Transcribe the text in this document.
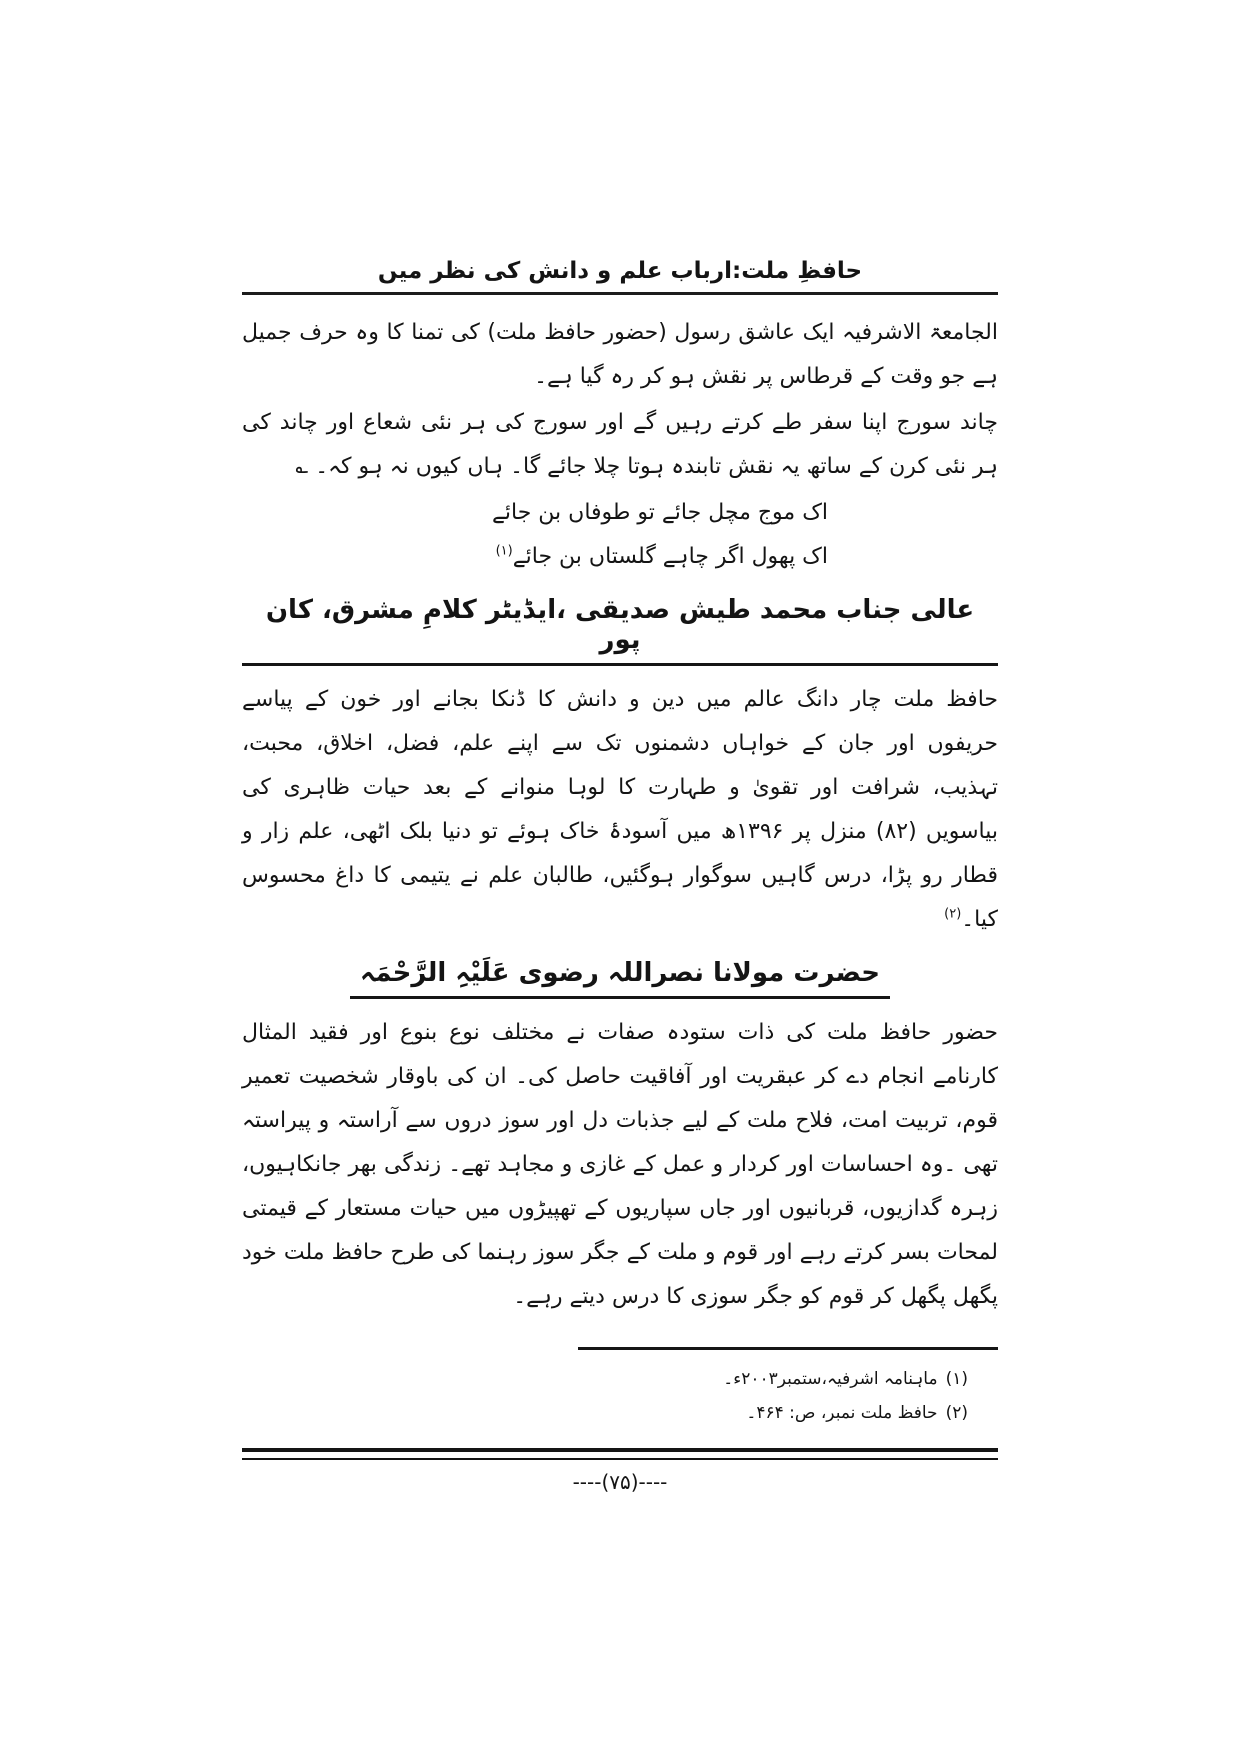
حافظِ ملت:ارباب علم و دانش کی نظر میں

الجامعۃ الاشرفیہ ایک عاشق رسول (حضور حافظ ملت) کی تمنا کا وہ حرف جمیل ہے جو وقت کے قرطاس پر نقش ہو کر رہ گیا ہے۔

چاند سورج اپنا سفر طے کرتے رہیں گے اور سورج کی ہر نئی شعاع اور چاند کی ہر نئی کرن کے ساتھ یہ نقش تابندہ ہوتا چلا جائے گا۔ ہاں کیوں نہ ہو کہ۔ ؎

اک موج مچل جائے تو طوفاں بن جائے
اک پھول اگر چاہے گلستاں بن جائے$^{(۱)}$
عالی جناب محمد طیش صدیقی ،ایڈیٹر کلامِ مشرق، کان پور

حافظ ملت چار دانگ عالم میں دین و دانش کا ڈنکا بجانے اور خون کے پیاسے حریفوں اور جان کے خواہاں دشمنوں تک سے اپنے علم، فضل، اخلاق، محبت، تہذیب، شرافت اور تقویٰ و طہارت کا لوہا منوانے کے بعد حیات ظاہری کی بیاسویں (۸۲) منزل پر ۱۳۹۶ھ میں آسودۂ خاک ہوئے تو دنیا بلک اٹھی، علم زار و قطار رو پڑا، درس گاہیں سوگوار ہوگئیں، طالبان علم نے یتیمی کا داغ محسوس کیا۔$^{(۲)}$

حضرت مولانا نصراللہ رضوی عَلَیْہِ الرَّحْمَہ

حضور حافظ ملت کی ذات ستودہ صفات نے مختلف نوع بنوع اور فقید المثال کارنامے انجام دے کر عبقریت اور آفاقیت حاصل کی۔ ان کی باوقار شخصیت تعمیر قوم، تربیت امت، فلاح ملت کے لیے جذبات دل اور سوز دروں سے آراستہ و پیراستہ تھی ۔وہ احساسات اور کردار و عمل کے غازی و مجاہد تھے۔ زندگی بھر جانکاہیوں، زہرہ گدازیوں، قربانیوں اور جاں سپاریوں کے تھپیڑوں میں حیات مستعار کے قیمتی لمحات بسر کرتے رہے اور قوم و ملت کے جگر سوز رہنما کی طرح حافظ ملت خود پگھل پگھل کر قوم کو جگر سوزی کا درس دیتے رہے۔

(۱)ماہنامہ اشرفیہ،ستمبر۲۰۰۳ء۔
(۲)حافظ ملت نمبر، ص: ۴۶۴۔
----(۷۵)----
